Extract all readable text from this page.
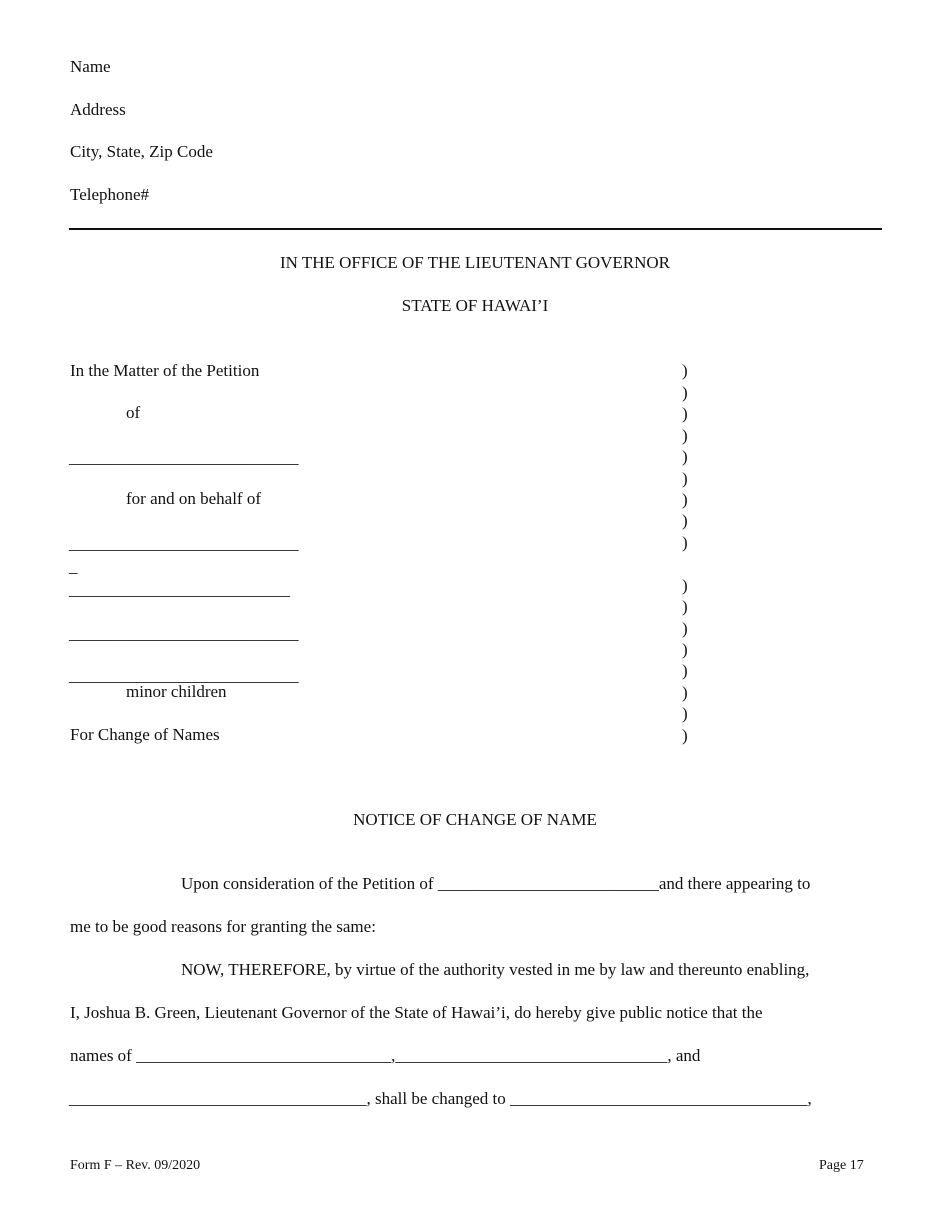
Name
Address
City, State, Zip Code
Telephone#
IN THE OFFICE OF THE LIEUTENANT GOVERNOR
STATE OF HAWAI’I
In the Matter of the Petition
of
___________________________
for and on behalf of
___________________________
_
__________________________
___________________________
___________________________
minor children
For Change of Names
)
)
)
)
)
)
)
)
)
)
)
)
)
)
)
)
)
NOTICE OF CHANGE OF NAME
Upon consideration of the Petition of __________________________and there appearing to
me to be good reasons for granting the same:
NOW, THEREFORE, by virtue of the authority vested in me by law and thereunto enabling,
I, Joshua B. Green, Lieutenant Governor of the State of Hawai’i, do hereby give public notice that the
names of ______________________________,________________________________, and
___________________________________, shall be changed to ___________________________________,
Form F – Rev. 09/2020	Page 17
